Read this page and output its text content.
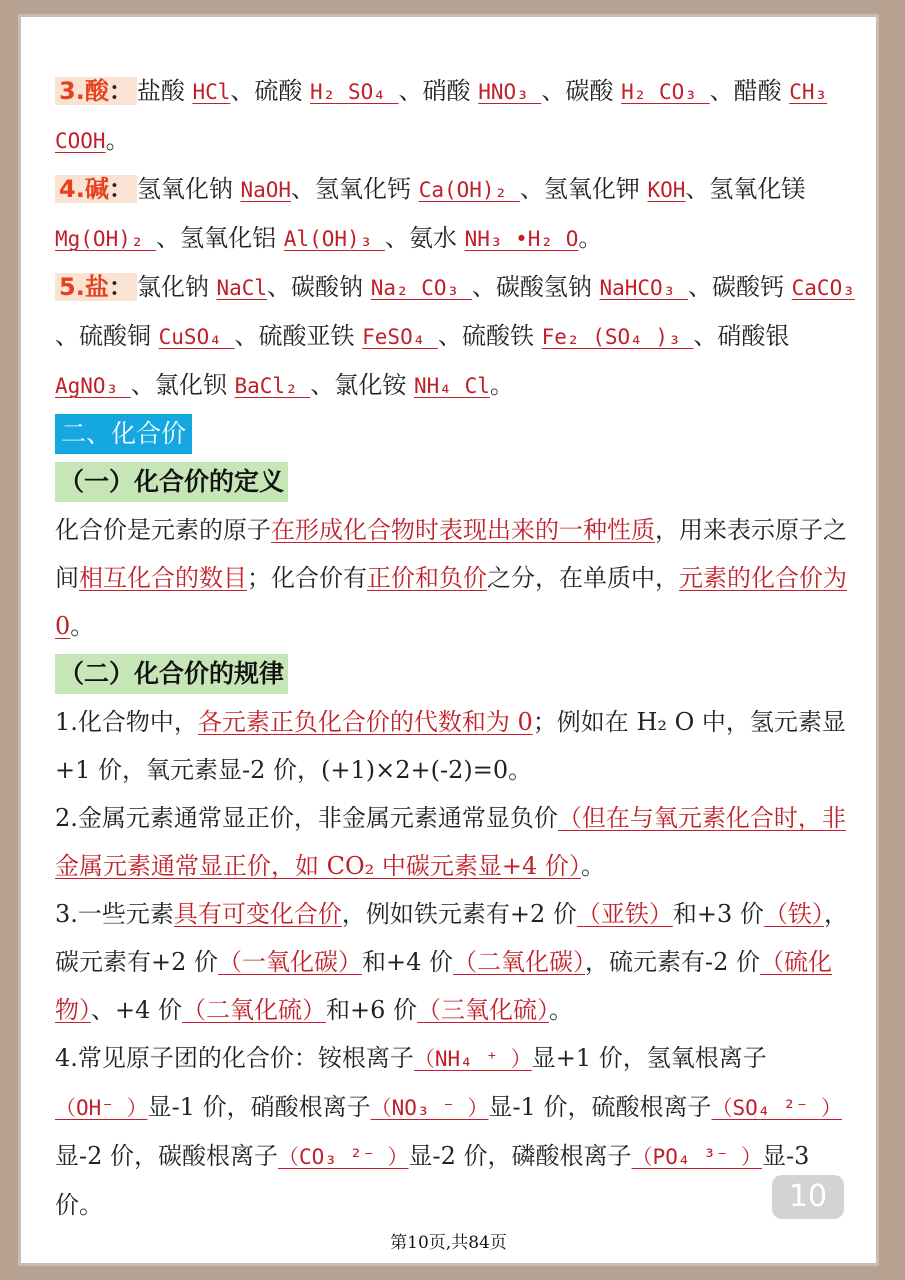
3.酸： 盐酸 HCl、硫酸 H₂ SO₄ 、硝酸 HNO₃ 、碳酸 H₂ CO₃ 、醋酸 CH₃ COOH。

4.碱： 氢氧化钠 NaOH、氢氧化钙 Ca(OH)₂ 、氢氧化钾 KOH、氢氧化镁 Mg(OH)₂ 、氢氧化铝 Al(OH)₃ 、氨水 NH₃ •H₂ O。

5.盐： 氯化钠 NaCl、碳酸钠 Na₂ CO₃ 、碳酸氢钠 NaHCO₃ 、碳酸钙 CaCO₃ 、硫酸铜 CuSO₄ 、硫酸亚铁 FeSO₄ 、硫酸铁 Fe₂ (SO₄ )₃ 、硝酸银 AgNO₃ 、氯化钡 BaCl₂ 、氯化铵 NH₄ Cl。

二、化合价
（一）化合价的定义

化合价是元素的原子在形成化合物时表现出来的一种性质，用来表示原子之间相互化合的数目；化合价有正价和负价之分，在单质中，元素的化合价为 0。

（二）化合价的规律

1.化合物中，各元素正负化合价的代数和为 0；例如在 H₂ O 中，氢元素显+1 价，氧元素显-2 价，(+1)×2+(-2)=0。

2.金属元素通常显正价，非金属元素通常显负价（但在与氧元素化合时，非金属元素通常显正价，如 CO₂ 中碳元素显+4 价）。

3.一些元素具有可变化合价，例如铁元素有+2 价（亚铁）和+3 价（铁），碳元素有+2 价（一氧化碳）和+4 价（二氧化碳），硫元素有-2 价（硫化物）、+4 价（二氧化硫）和+6 价（三氧化硫）。

4.常见原子团的化合价：铵根离子（NH₄ ⁺ ）显+1 价，氢氧根离子（OH⁻ ）显-1 价，硝酸根离子（NO₃ ⁻ ）显-1 价，硫酸根离子（SO₄ ²⁻ ）显-2 价，碳酸根离子（CO₃ ²⁻ ）显-2 价，磷酸根离子（PO₄ ³⁻ ）显-3 价。	10
第10页,共84页
